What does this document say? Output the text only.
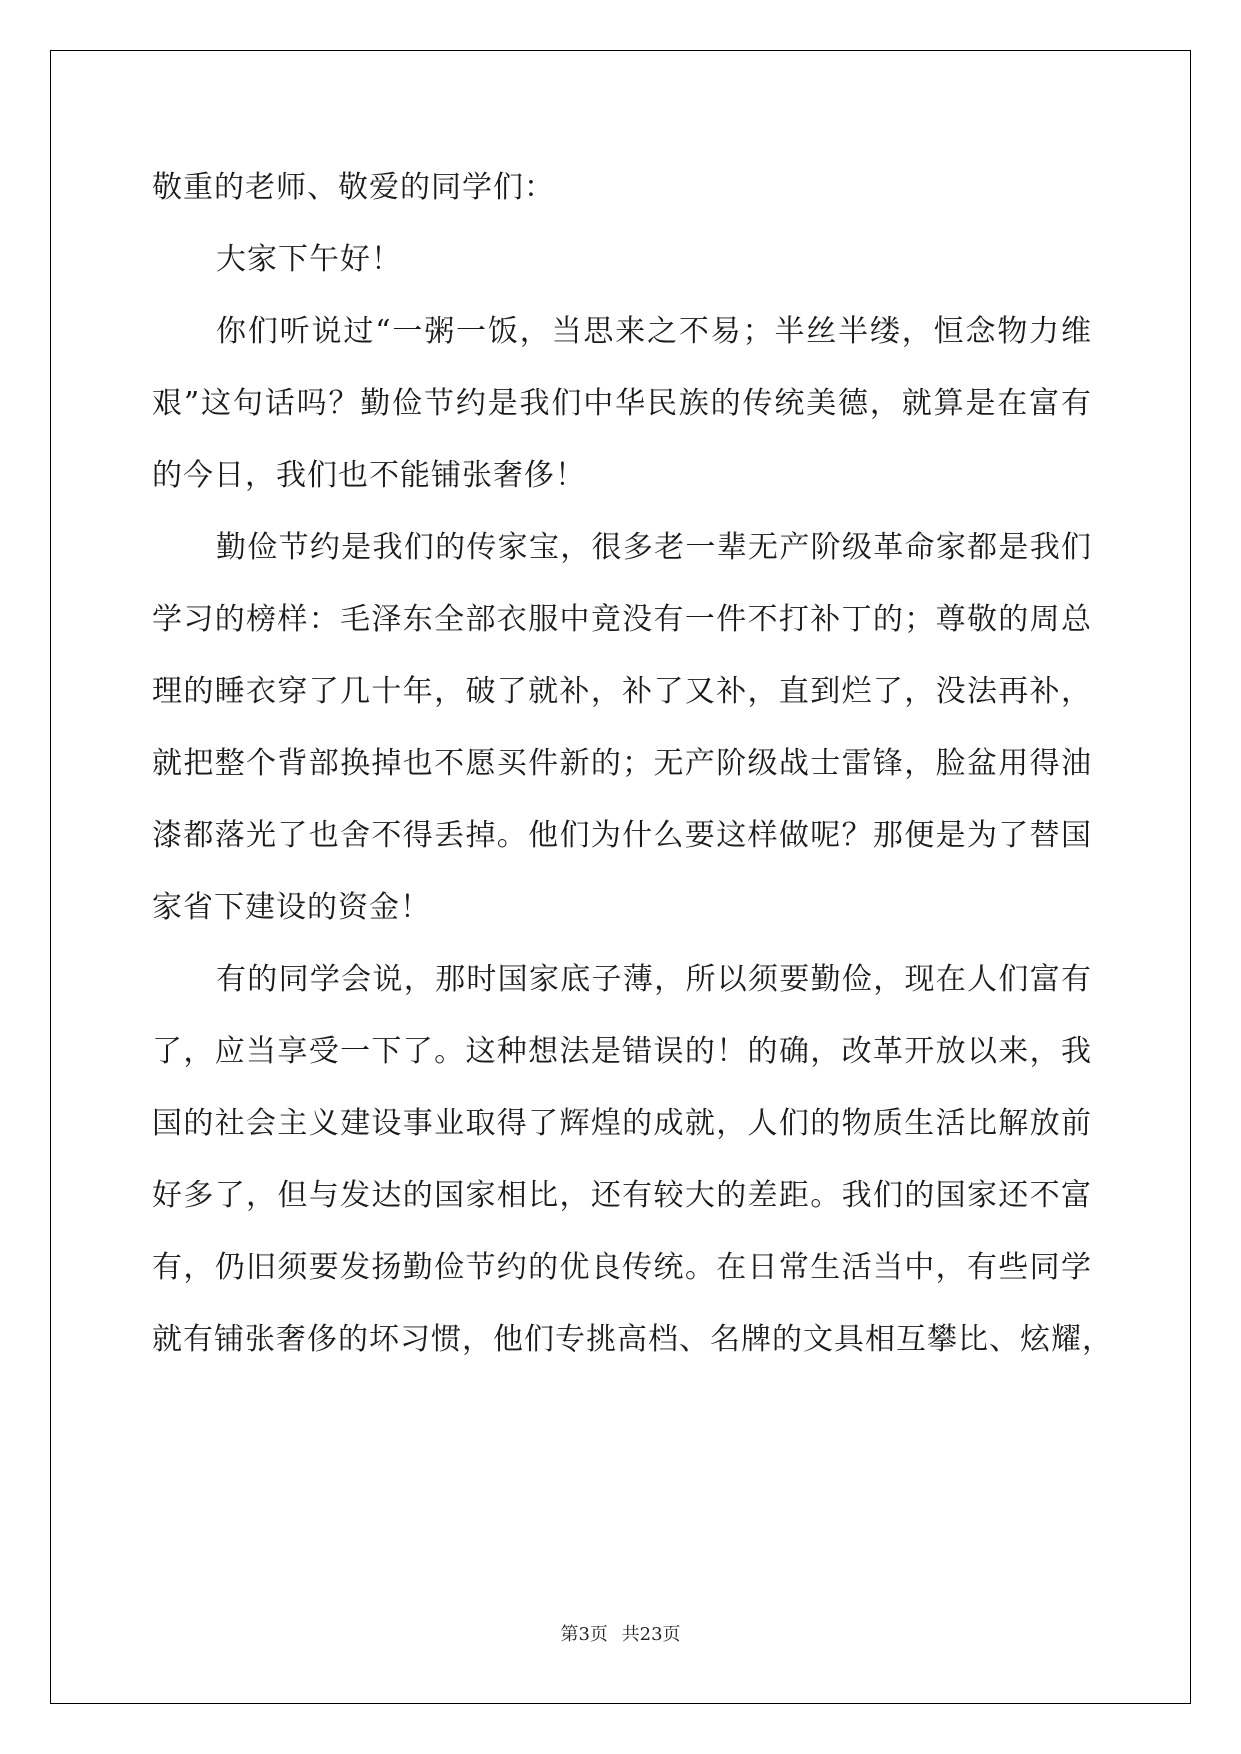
敬重的老师、敬爱的同学们：
大家下午好！
你们听说过“一粥一饭，当思来之不易；半丝半缕，恒念物力维
艰”这句话吗？勤俭节约是我们中华民族的传统美德，就算是在富有
的今日，我们也不能铺张奢侈！
勤俭节约是我们的传家宝，很多老一辈无产阶级革命家都是我们
学习的榜样：毛泽东全部衣服中竟没有一件不打补丁的；尊敬的周总
理的睡衣穿了几十年，破了就补，补了又补，直到烂了，没法再补，
就把整个背部换掉也不愿买件新的；无产阶级战士雷锋，脸盆用得油
漆都落光了也舍不得丢掉。他们为什么要这样做呢？那便是为了替国
家省下建设的资金！
有的同学会说，那时国家底子薄，所以须要勤俭，现在人们富有
了，应当享受一下了。这种想法是错误的！的确，改革开放以来，我
国的社会主义建设事业取得了辉煌的成就，人们的物质生活比解放前
好多了，但与发达的国家相比，还有较大的差距。我们的国家还不富
有，仍旧须要发扬勤俭节约的优良传统。在日常生活当中，有些同学
就有铺张奢侈的坏习惯，他们专挑高档、名牌的文具相互攀比、炫耀，
第3页 共23页
